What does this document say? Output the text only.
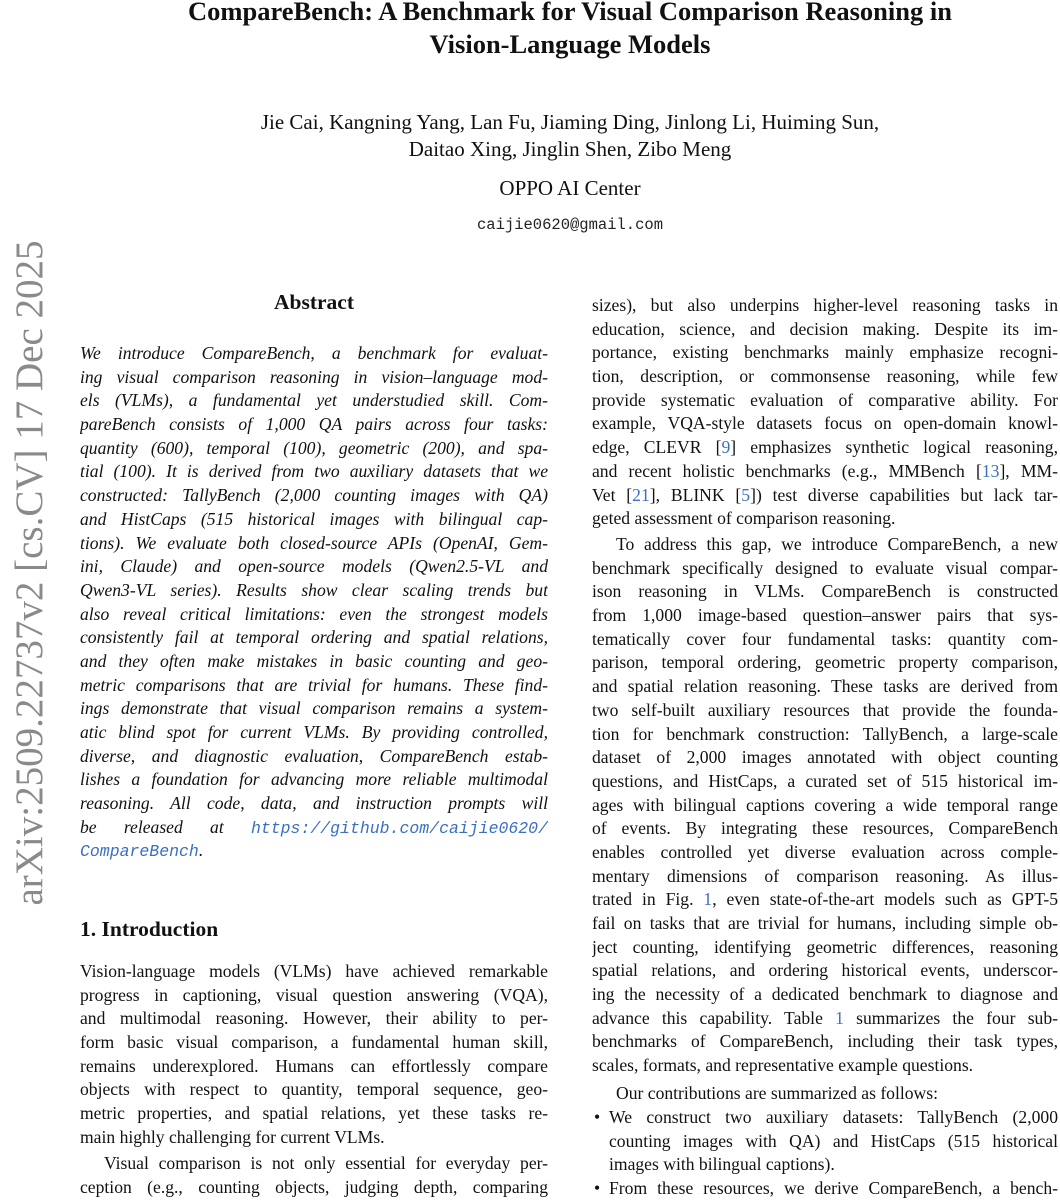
arXiv:2509.22737v2 [cs.CV] 17 Dec 2025
CompareBench: A Benchmark for Visual Comparison Reasoning in
Vision-Language Models
Jie Cai, Kangning Yang, Lan Fu, Jiaming Ding, Jinlong Li, Huiming Sun,
Daitao Xing, Jinglin Shen, Zibo Meng
OPPO AI Center
caijie0620@gmail.com
Abstract
We introduce CompareBench, a benchmark for evaluat-
ing visual comparison reasoning in vision–language mod-
els (VLMs), a fundamental yet understudied skill. Com-
pareBench consists of 1,000 QA pairs across four tasks:
quantity (600), temporal (100), geometric (200), and spa-
tial (100). It is derived from two auxiliary datasets that we
constructed: TallyBench (2,000 counting images with QA)
and HistCaps (515 historical images with bilingual cap-
tions). We evaluate both closed-source APIs (OpenAI, Gem-
ini, Claude) and open-source models (Qwen2.5-VL and
Qwen3-VL series). Results show clear scaling trends but
also reveal critical limitations: even the strongest models
consistently fail at temporal ordering and spatial relations,
and they often make mistakes in basic counting and geo-
metric comparisons that are trivial for humans. These find-
ings demonstrate that visual comparison remains a system-
atic blind spot for current VLMs. By providing controlled,
diverse, and diagnostic evaluation, CompareBench estab-
lishes a foundation for advancing more reliable multimodal
reasoning. All code, data, and instruction prompts will
be released at https://github.com/caijie0620/
CompareBench.
1. Introduction
Vision-language models (VLMs) have achieved remarkable
progress in captioning, visual question answering (VQA),
and multimodal reasoning. However, their ability to per-
form basic visual comparison, a fundamental human skill,
remains underexplored. Humans can effortlessly compare
objects with respect to quantity, temporal sequence, geo-
metric properties, and spatial relations, yet these tasks re-
main highly challenging for current VLMs.
Visual comparison is not only essential for everyday per-
ception (e.g., counting objects, judging depth, comparing
sizes), but also underpins higher-level reasoning tasks in
education, science, and decision making. Despite its im-
portance, existing benchmarks mainly emphasize recogni-
tion, description, or commonsense reasoning, while few
provide systematic evaluation of comparative ability. For
example, VQA-style datasets focus on open-domain knowl-
edge, CLEVR [9] emphasizes synthetic logical reasoning,
and recent holistic benchmarks (e.g., MMBench [13], MM-
Vet [21], BLINK [5]) test diverse capabilities but lack tar-
geted assessment of comparison reasoning.
To address this gap, we introduce CompareBench, a new
benchmark specifically designed to evaluate visual compar-
ison reasoning in VLMs. CompareBench is constructed
from 1,000 image-based question–answer pairs that sys-
tematically cover four fundamental tasks: quantity com-
parison, temporal ordering, geometric property comparison,
and spatial relation reasoning. These tasks are derived from
two self-built auxiliary resources that provide the founda-
tion for benchmark construction: TallyBench, a large-scale
dataset of 2,000 images annotated with object counting
questions, and HistCaps, a curated set of 515 historical im-
ages with bilingual captions covering a wide temporal range
of events. By integrating these resources, CompareBench
enables controlled yet diverse evaluation across comple-
mentary dimensions of comparison reasoning. As illus-
trated in Fig. 1, even state-of-the-art models such as GPT-5
fail on tasks that are trivial for humans, including simple ob-
ject counting, identifying geometric differences, reasoning
spatial relations, and ordering historical events, underscor-
ing the necessity of a dedicated benchmark to diagnose and
advance this capability. Table 1 summarizes the four sub-
benchmarks of CompareBench, including their task types,
scales, formats, and representative example questions.
Our contributions are summarized as follows:
• We construct two auxiliary datasets: TallyBench (2,000
counting images with QA) and HistCaps (515 historical
images with bilingual captions).
• From these resources, we derive CompareBench, a bench-
